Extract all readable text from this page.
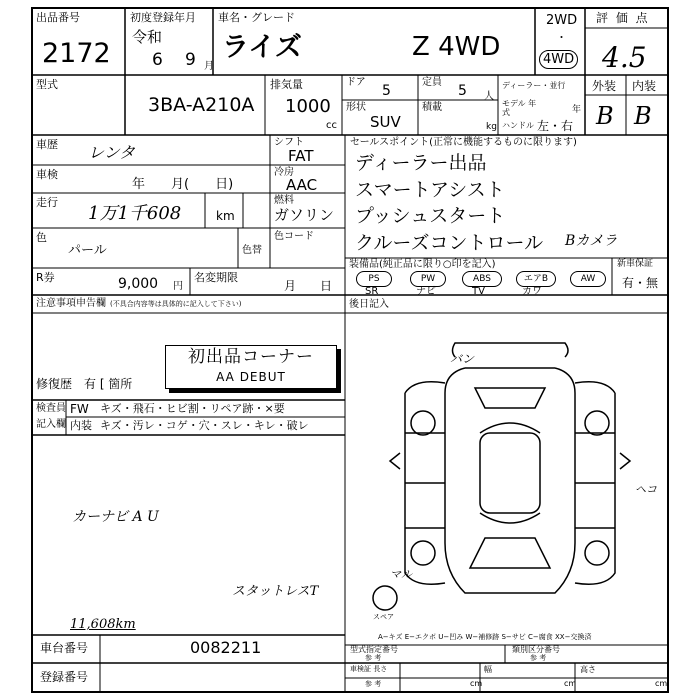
出品番号
2172
初度登録年月
令和
6 9 月
車名・グレード
ライズ	Z 4WD
2WD
・
4WD
評 価 点
4.5
型式
3BA-A210A
排気量
1000
cc
ドア
5
定員
5 人
形状
SUV
積載
kg
ディーラー・並行
モデル 年式	年
ハンドル 左・右
外装 内装
B B
車歴 レンタ
車検
年　　月(　　日)
走行
1万1千608	km
色
パール	色替
色コード
R券	9,000 円
名変期限
月　　日
シフト
FAT
冷房
AAC
燃料
ガソリン
セールスポイント(正常に機能するものに限ります)
ディーラー出品
スマートアシスト
プッシュスタート
クルーズコントロール Bカメラ
装備品(純正品に限り○印を記入)
PS	PW	ABS	エアB	AW
SR	ナビ	TV	カワ
新車保証
有・無
注意事項申告欄 (不具合内容等は具体的に記入して下さい)
初出品コーナー
AA DEBUT
修復歴 有 [ 箇所
検査員
記入欄
FW キズ・飛石・ヒビ割・リペア跡・×要
内装 キズ・汚レ・コゲ・穴・スレ・キレ・破レ
カーナビ A U
スタットレスT
11,608km
後日記入
スペア
バン
ヘコ
マル
A−キズ E−エクボ U−凹み W−補修跡 S−サビ C−腐食 XX−交換済
車台番号	0082211
登録番号
型式指定番号
参 考
類別区分番号
参 考
車検証 長さ
参 考	cm
幅
cm
高さ
cm
